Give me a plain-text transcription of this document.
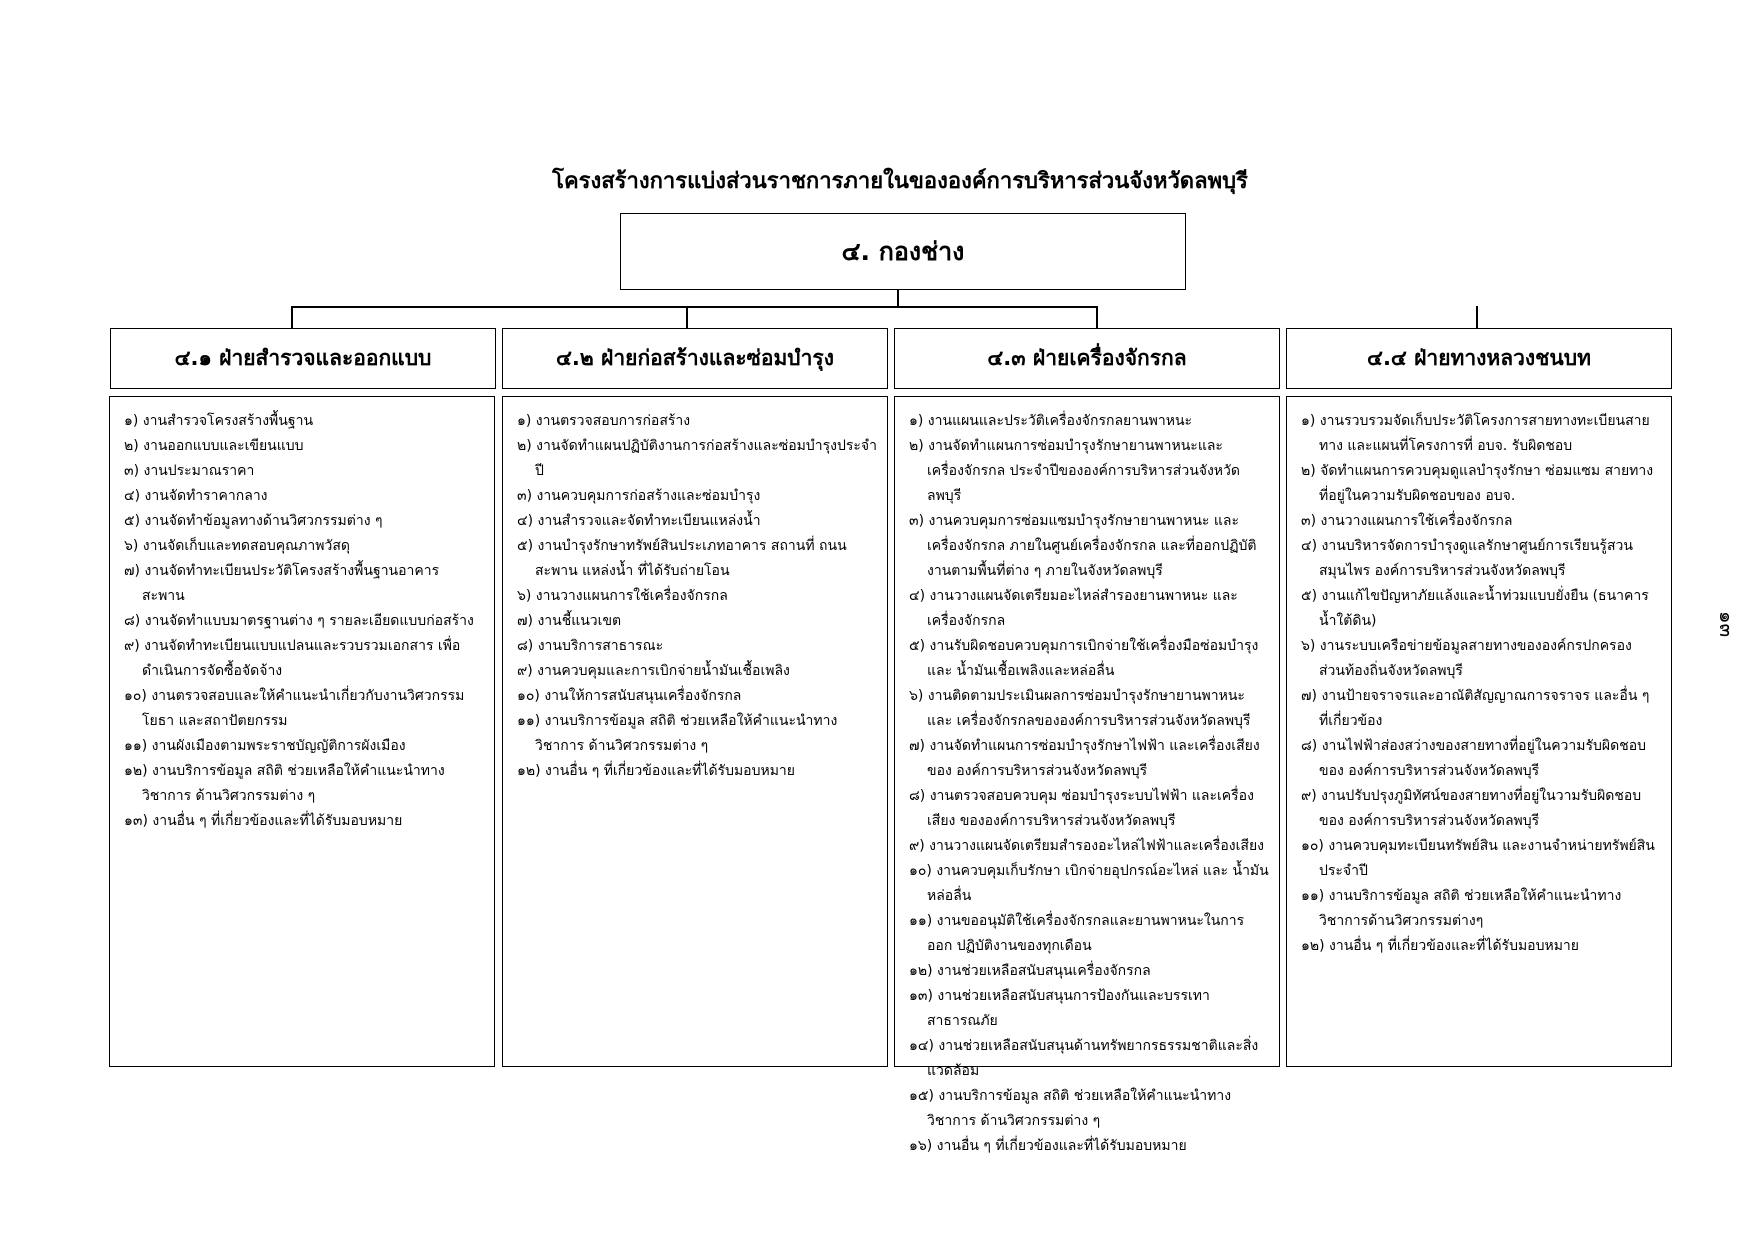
โครงสร้างการแบ่งส่วนราชการภายในขององค์การบริหารส่วนจังหวัดลพบุรี
๔. กองช่าง
๔.๑ ฝ่ายสำรวจและออกแบบ	๔.๒ ฝ่ายก่อสร้างและซ่อมบำรุง	๔.๓ ฝ่ายเครื่องจักรกล	๔.๔ ฝ่ายทางหลวงชนบท
๑) งานสำรวจโครงสร้างพื้นฐาน
๒) งานออกแบบและเขียนแบบ
๓) งานประมาณราคา
๔) งานจัดทำราคากลาง
๕) งานจัดทำข้อมูลทางด้านวิศวกรรมต่าง ๆ
๖) งานจัดเก็บและทดสอบคุณภาพวัสดุ
๗) งานจัดทำทะเบียนประวัติโครงสร้างพื้นฐานอาคาร สะพาน
๘) งานจัดทำแบบมาตรฐานต่าง ๆ รายละเอียดแบบก่อสร้าง
๙) งานจัดทำทะเบียนแบบแปลนและรวบรวมเอกสาร เพื่อดำเนินการจัดซื้อจัดจ้าง
๑๐) งานตรวจสอบและให้คำแนะนำเกี่ยวกับงานวิศวกรรมโยธา และสถาปัตยกรรม
๑๑) งานผังเมืองตามพระราชบัญญัติการผังเมือง
๑๒) งานบริการข้อมูล สถิติ ช่วยเหลือให้คำแนะนำทางวิชาการ ด้านวิศวกรรมต่าง ๆ
๑๓) งานอื่น ๆ ที่เกี่ยวข้องและที่ได้รับมอบหมาย
๑) งานตรวจสอบการก่อสร้าง
๒) งานจัดทำแผนปฏิบัติงานการก่อสร้างและซ่อมบำรุงประจำปี
๓) งานควบคุมการก่อสร้างและซ่อมบำรุง
๔) งานสำรวจและจัดทำทะเบียนแหล่งน้ำ
๕) งานบำรุงรักษาทรัพย์สินประเภทอาคาร สถานที่ ถนน สะพาน แหล่งน้ำ ที่ได้รับถ่ายโอน
๖) งานวางแผนการใช้เครื่องจักรกล
๗) งานชี้แนวเขต
๘) งานบริการสาธารณะ
๙) งานควบคุมและการเบิกจ่ายน้ำมันเชื้อเพลิง
๑๐) งานให้การสนับสนุนเครื่องจักรกล
๑๑) งานบริการข้อมูล สถิติ ช่วยเหลือให้คำแนะนำทางวิชาการ ด้านวิศวกรรมต่าง ๆ
๑๒) งานอื่น ๆ ที่เกี่ยวข้องและที่ได้รับมอบหมาย
๑) งานแผนและประวัติเครื่องจักรกลยานพาหนะ
๒) งานจัดทำแผนการซ่อมบำรุงรักษายานพาหนะและเครื่องจักรกล ประจำปีขององค์การบริหารส่วนจังหวัดลพบุรี
๓) งานควบคุมการซ่อมแซมบำรุงรักษายานพาหนะ และเครื่องจักรกล ภายในศูนย์เครื่องจักรกล และที่ออกปฏิบัติงานตามพื้นที่ต่าง ๆ ภายในจังหวัดลพบุรี
๔) งานวางแผนจัดเตรียมอะไหล่สำรองยานพาหนะ และเครื่องจักรกล
๕) งานรับผิดชอบควบคุมการเบิกจ่ายใช้เครื่องมือซ่อมบำรุง และ น้ำมันเชื้อเพลิงและหล่อลื่น
๖) งานติดตามประเมินผลการซ่อมบำรุงรักษายานพาหนะและ เครื่องจักรกลขององค์การบริหารส่วนจังหวัดลพบุรี
๗) งานจัดทำแผนการซ่อมบำรุงรักษาไฟฟ้า และเครื่องเสียงของ องค์การบริหารส่วนจังหวัดลพบุรี
๘) งานตรวจสอบควบคุม ซ่อมบำรุงระบบไฟฟ้า และเครื่องเสียง ขององค์การบริหารส่วนจังหวัดลพบุรี
๙) งานวางแผนจัดเตรียมสำรองอะไหล่ไฟฟ้าและเครื่องเสียง
๑๐) งานควบคุมเก็บรักษา เบิกจ่ายอุปกรณ์อะไหล่ และ น้ำมันหล่อลื่น
๑๑) งานขออนุมัติใช้เครื่องจักรกลและยานพาหนะในการออก ปฏิบัติงานของทุกเดือน
๑๒) งานช่วยเหลือสนับสนุนเครื่องจักรกล
๑๓) งานช่วยเหลือสนับสนุนการป้องกันและบรรเทาสาธารณภัย
๑๔) งานช่วยเหลือสนับสนุนด้านทรัพยากรธรรมชาติและสิ่งแวดล้อม
๑๕) งานบริการข้อมูล สถิติ ช่วยเหลือให้คำแนะนำทางวิชาการ ด้านวิศวกรรมต่าง ๆ
๑๖) งานอื่น ๆ ที่เกี่ยวข้องและที่ได้รับมอบหมาย
๑) งานรวบรวมจัดเก็บประวัติโครงการสายทางทะเบียนสายทาง และแผนที่โครงการที่ อบจ. รับผิดชอบ
๒) จัดทำแผนการควบคุมดูแลบำรุงรักษา ซ่อมแซม สายทาง ที่อยู่ในความรับผิดชอบของ อบจ.
๓) งานวางแผนการใช้เครื่องจักรกล
๔) งานบริหารจัดการบำรุงดูแลรักษาศูนย์การเรียนรู้สวนสมุนไพร องค์การบริหารส่วนจังหวัดลพบุรี
๕) งานแก้ไขปัญหาภัยแล้งและน้ำท่วมแบบยั่งยืน (ธนาคารน้ำใต้ดิน)
๖) งานระบบเครือข่ายข้อมูลสายทางขององค์กรปกครอง ส่วนท้องถิ่นจังหวัดลพบุรี
๗) งานป้ายจราจรและอาณัติสัญญาณการจราจร และอื่น ๆ ที่เกี่ยวข้อง
๘) งานไฟฟ้าส่องสว่างของสายทางที่อยู่ในความรับผิดชอบของ องค์การบริหารส่วนจังหวัดลพบุรี
๙) งานปรับปรุงภูมิทัศน์ของสายทางที่อยู่ในวามรับผิดชอบของ องค์การบริหารส่วนจังหวัดลพบุรี
๑๐) งานควบคุมทะเบียนทรัพย์สิน และงานจำหน่ายทรัพย์สิน ประจำปี
๑๑) งานบริการข้อมูล สถิติ ช่วยเหลือให้คำแนะนำทาง วิชาการด้านวิศวกรรมต่างๆ
๑๒) งานอื่น ๆ ที่เกี่ยวข้องและที่ได้รับมอบหมาย
๑๓
